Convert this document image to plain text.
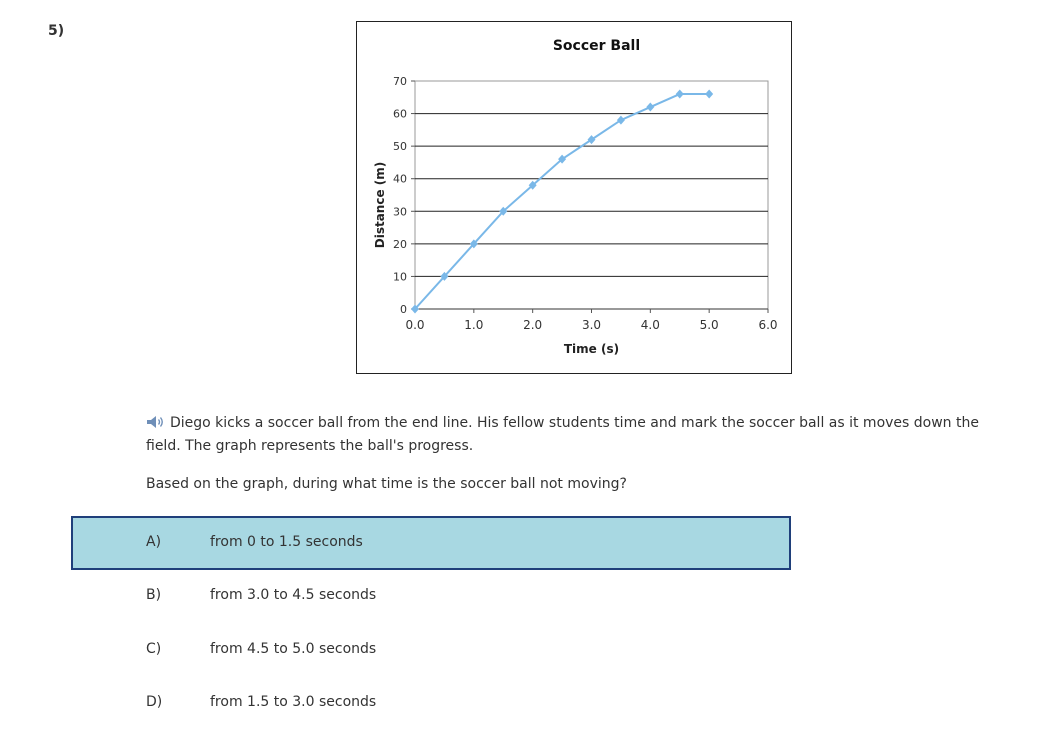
5)
0
10
20
30
40
50
60
70
0.0	1.0	2.0	3.0	4.0	5.0	6.0
Soccer Ball
Time (s)
Distance (m)
Diego kicks a soccer ball from the end line. His fellow students time and mark the soccer ball as it moves down the field. The graph represents the ball's progress.
Based on the graph, during what time is the soccer ball not moving?
A)	from 0 to 1.5 seconds
B)	from 3.0 to 4.5 seconds
C)	from 4.5 to 5.0 seconds
D)	from 1.5 to 3.0 seconds
